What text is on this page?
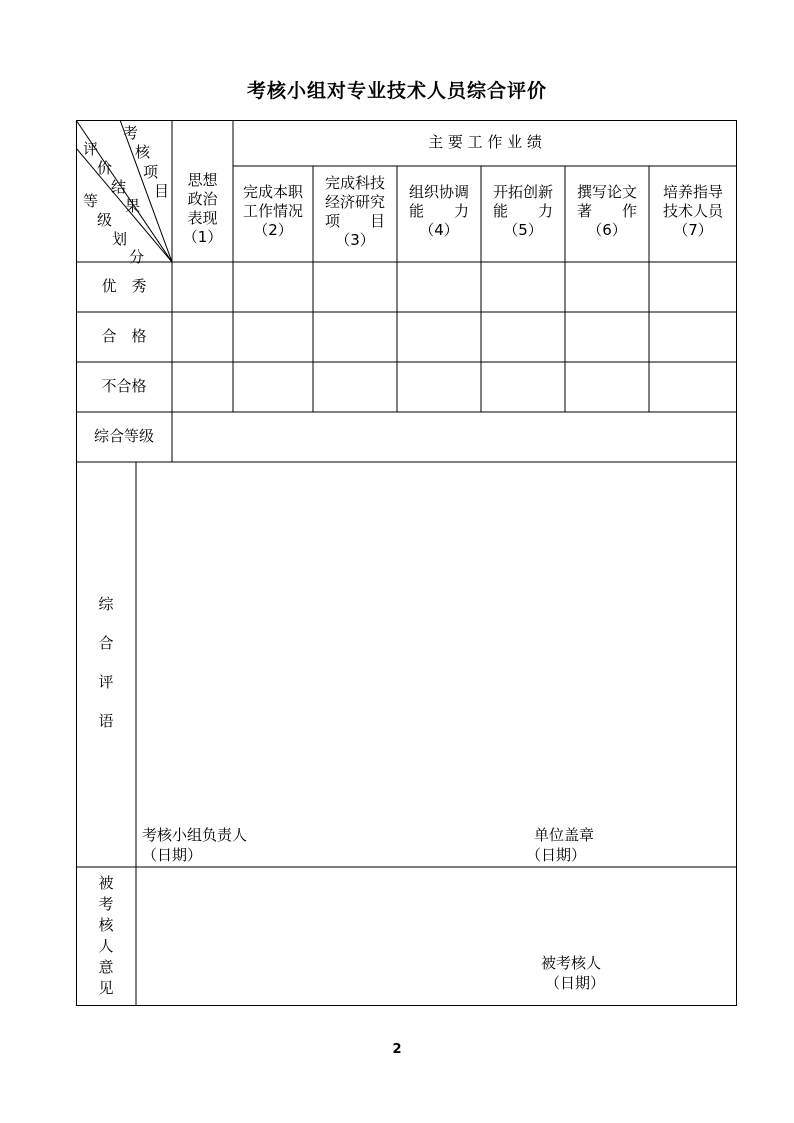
考核小组对专业技术人员综合评价
考
核
项
目
评
价
结
果
等
级
划
分
主 要 工 作 业 绩
思想
政治
表现
（1）
完成本职
工作情况
（2）
完成科技
经济研究
项　　目
（3）
组织协调
能　　力
（4）
开拓创新
能　　力
（5）
撰写论文
著　　作
（6）
培养指导
技术人员
（7）
优　秀
合　格
不合格
综合等级
综
合
评
语
考核小组负责人
（日期）
单位盖章
（日期）
被
考
核
人
意
见
被考核人
（日期）
2
